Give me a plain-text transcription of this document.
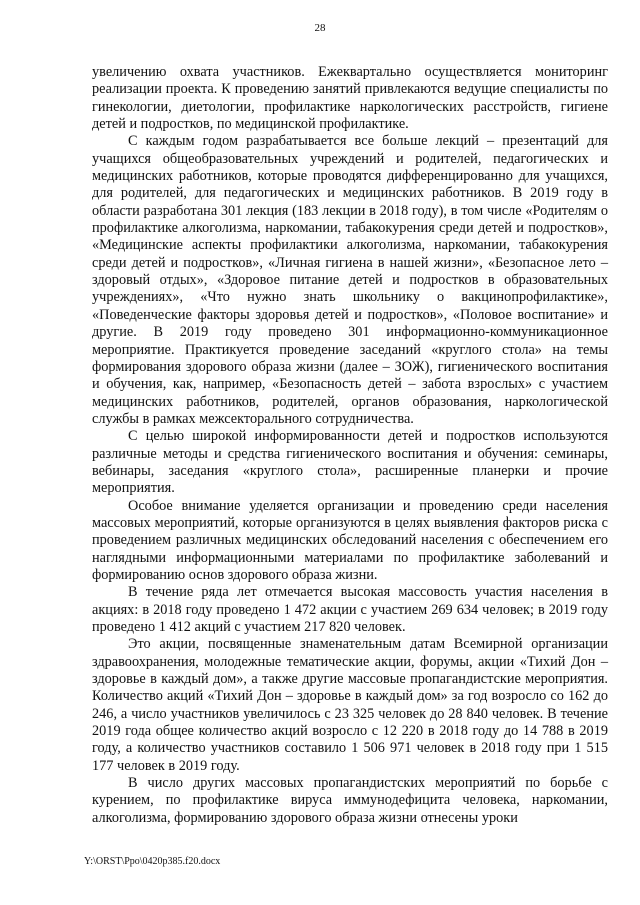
28

увеличению охвата участников. Ежеквартально осуществляется мониторинг реализации проекта. К проведению занятий привлекаются ведущие специалисты по гинекологии, диетологии, профилактике наркологических расстройств, гигиене детей и подростков, по медицинской профилактике.

С каждым годом разрабатывается все больше лекций – презентаций для учащихся общеобразовательных учреждений и родителей, педагогических и медицинских работников, которые проводятся дифференцированно для учащихся, для родителей, для педагогических и медицинских работников. В 2019 году в области разработана 301 лекция (183 лекции в 2018 году), в том числе «Родителям о профилактике алкоголизма, наркомании, табакокурения среди детей и подростков», «Медицинские аспекты профилактики алкоголизма, наркомании, табакокурения среди детей и подростков», «Личная гигиена в нашей жизни», «Безопасное лето – здоровый отдых», «Здоровое питание детей и подростков в образовательных учреждениях», «Что нужно знать школьнику о вакцинопрофилактике», «Поведенческие факторы здоровья детей и подростков», «Половое воспитание» и другие. В 2019 году проведено 301 информационно-коммуникационное мероприятие. Практикуется проведение заседаний «круглого стола» на темы формирования здорового образа жизни (далее – ЗОЖ), гигиенического воспитания и обучения, как, например, «Безопасность детей – забота взрослых» с участием медицинских работников, родителей, органов образования, наркологической службы в рамках межсекторального сотрудничества.

С целью широкой информированности детей и подростков используются различные методы и средства гигиенического воспитания и обучения: семинары, вебинары, заседания «круглого стола», расширенные планерки и прочие мероприятия.

Особое внимание уделяется организации и проведению среди населения массовых мероприятий, которые организуются в целях выявления факторов риска с проведением различных медицинских обследований населения с обеспечением его наглядными информационными материалами по профилактике заболеваний и формированию основ здорового образа жизни.

В течение ряда лет отмечается высокая массовость участия населения в акциях: в 2018 году проведено 1 472 акции с участием 269 634 человек; в 2019 году проведено 1 412 акций с участием 217 820 человек.

Это акции, посвященные знаменательным датам Всемирной организации здравоохранения, молодежные тематические акции, форумы, акции «Тихий Дон – здоровье в каждый дом», а также другие массовые пропагандистские мероприятия. Количество акций «Тихий Дон – здоровье в каждый дом» за год возросло со 162 до 246, а число участников увеличилось с 23 325 человек до 28 840 человек. В течение 2019 года общее количество акций возросло с 12 220 в 2018 году до 14 788 в 2019 году, а количество участников составило 1 506 971 человек в 2018 году при 1 515 177 человек в 2019 году.

В число других массовых пропагандистских мероприятий по борьбе с курением, по профилактике вируса иммунодефицита человека, наркомании, алкоголизма, формированию здорового образа жизни отнесены уроки

Y:\ORST\Ppo\0420p385.f20.docx
